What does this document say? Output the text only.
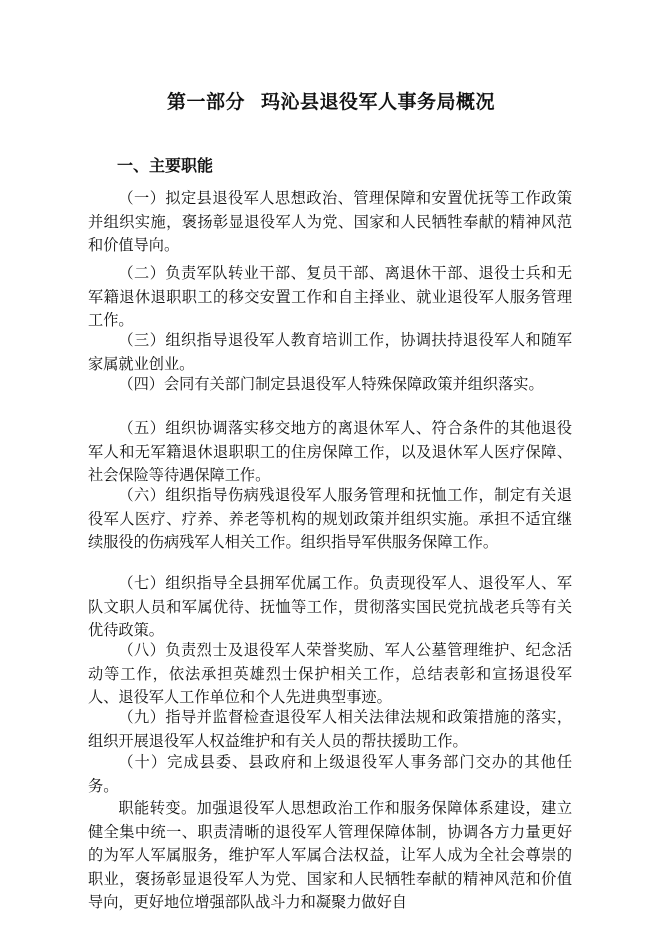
第一部分 玛沁县退役军人事务局概况
一、主要职能

（一）拟定县退役军人思想政治、管理保障和安置优抚等工作政策并组织实施，褒扬彰显退役军人为党、国家和人民牺牲奉献的精神风范和价值导向。

（二）负责军队转业干部、复员干部、离退休干部、退役士兵和无军籍退休退职职工的移交安置工作和自主择业、就业退役军人服务管理工作。

（三）组织指导退役军人教育培训工作，协调扶持退役军人和随军家属就业创业。

（四）会同有关部门制定县退役军人特殊保障政策并组织落实。

（五）组织协调落实移交地方的离退休军人、符合条件的其他退役军人和无军籍退休退职职工的住房保障工作，以及退休军人医疗保障、社会保险等待遇保障工作。

（六）组织指导伤病残退役军人服务管理和抚恤工作，制定有关退役军人医疗、疗养、养老等机构的规划政策并组织实施。承担不适宜继续服役的伤病残军人相关工作。组织指导军供服务保障工作。

（七）组织指导全县拥军优属工作。负责现役军人、退役军人、军队文职人员和军属优待、抚恤等工作，贯彻落实国民党抗战老兵等有关优待政策。

（八）负责烈士及退役军人荣誉奖励、军人公墓管理维护、纪念活动等工作，依法承担英雄烈士保护相关工作，总结表彰和宣扬退役军人、退役军人工作单位和个人先进典型事迹。

（九）指导并监督检查退役军人相关法律法规和政策措施的落实，组织开展退役军人权益维护和有关人员的帮扶援助工作。

（十）完成县委、县政府和上级退役军人事务部门交办的其他任务。

职能转变。加强退役军人思想政治工作和服务保障体系建设，建立健全集中统一、职责清晰的退役军人管理保障体制，协调各方力量更好的为军人军属服务，维护军人军属合法权益，让军人成为全社会尊崇的职业，褒扬彰显退役军人为党、国家和人民牺牲奉献的精神风范和价值导向，更好地位增强部队战斗力和凝聚力做好自
